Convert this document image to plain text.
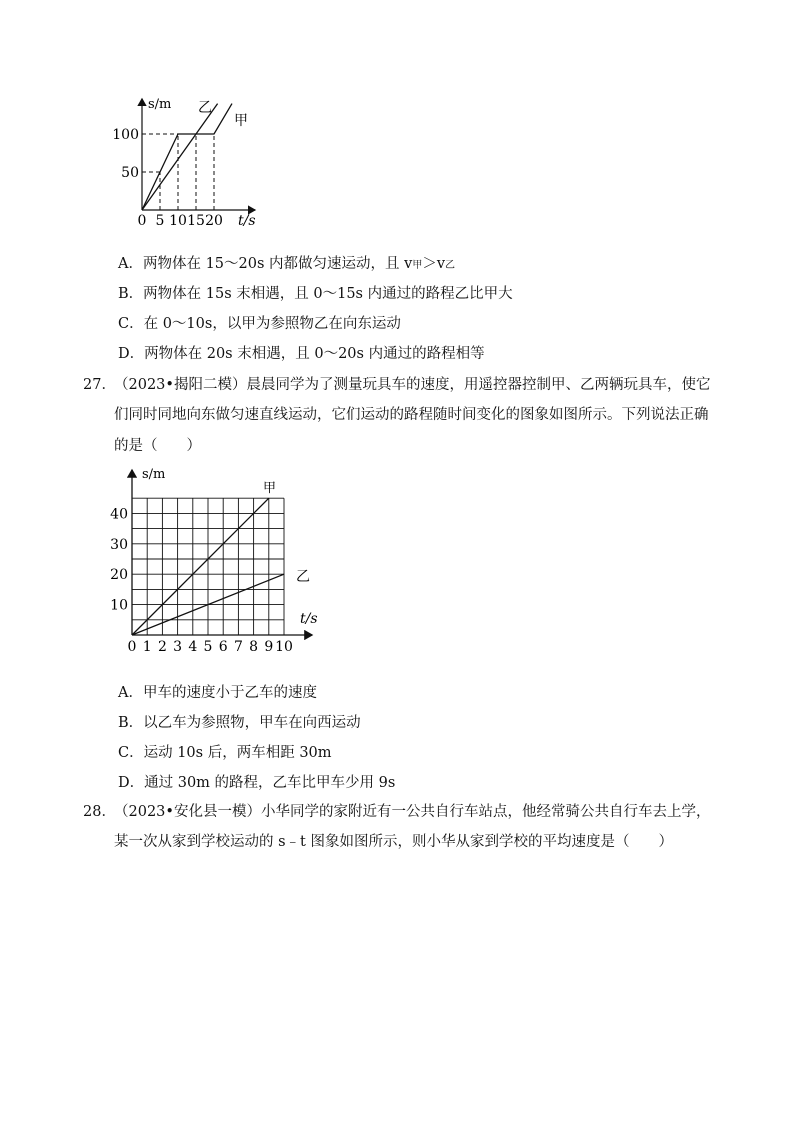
甲
乙
s/m
t/s
0 5 10 15 20
50
100
A．两物体在 15～20s 内都做匀速运动，且 v甲＞v乙
B．两物体在 15s 末相遇，且 0～15s 内通过的路程乙比甲大
C．在 0～10s，以甲为参照物乙在向东运动
D．两物体在 20s 末相遇，且 0～20s 内通过的路程相等
27．
（2023•揭阳二模）晨晨同学为了测量玩具车的速度，用遥控器控制甲、乙两辆玩具车，使它
们同时同地向东做匀速直线运动，它们运动的路程随时间变化的图象如图所示。下列说法正确
的是（　　）
甲
乙
s/m
t/s
0 1 2 3 4 5 6 7 8 9 10
10
20
30
40
A．甲车的速度小于乙车的速度
B．以乙车为参照物，甲车在向西运动
C．运动 10s 后，两车相距 30m
D．通过 30m 的路程，乙车比甲车少用 9s
28．
（2023•安化县一模）小华同学的家附近有一公共自行车站点，他经常骑公共自行车去上学，
某一次从家到学校运动的 s﹣t 图象如图所示，则小华从家到学校的平均速度是（　　）
